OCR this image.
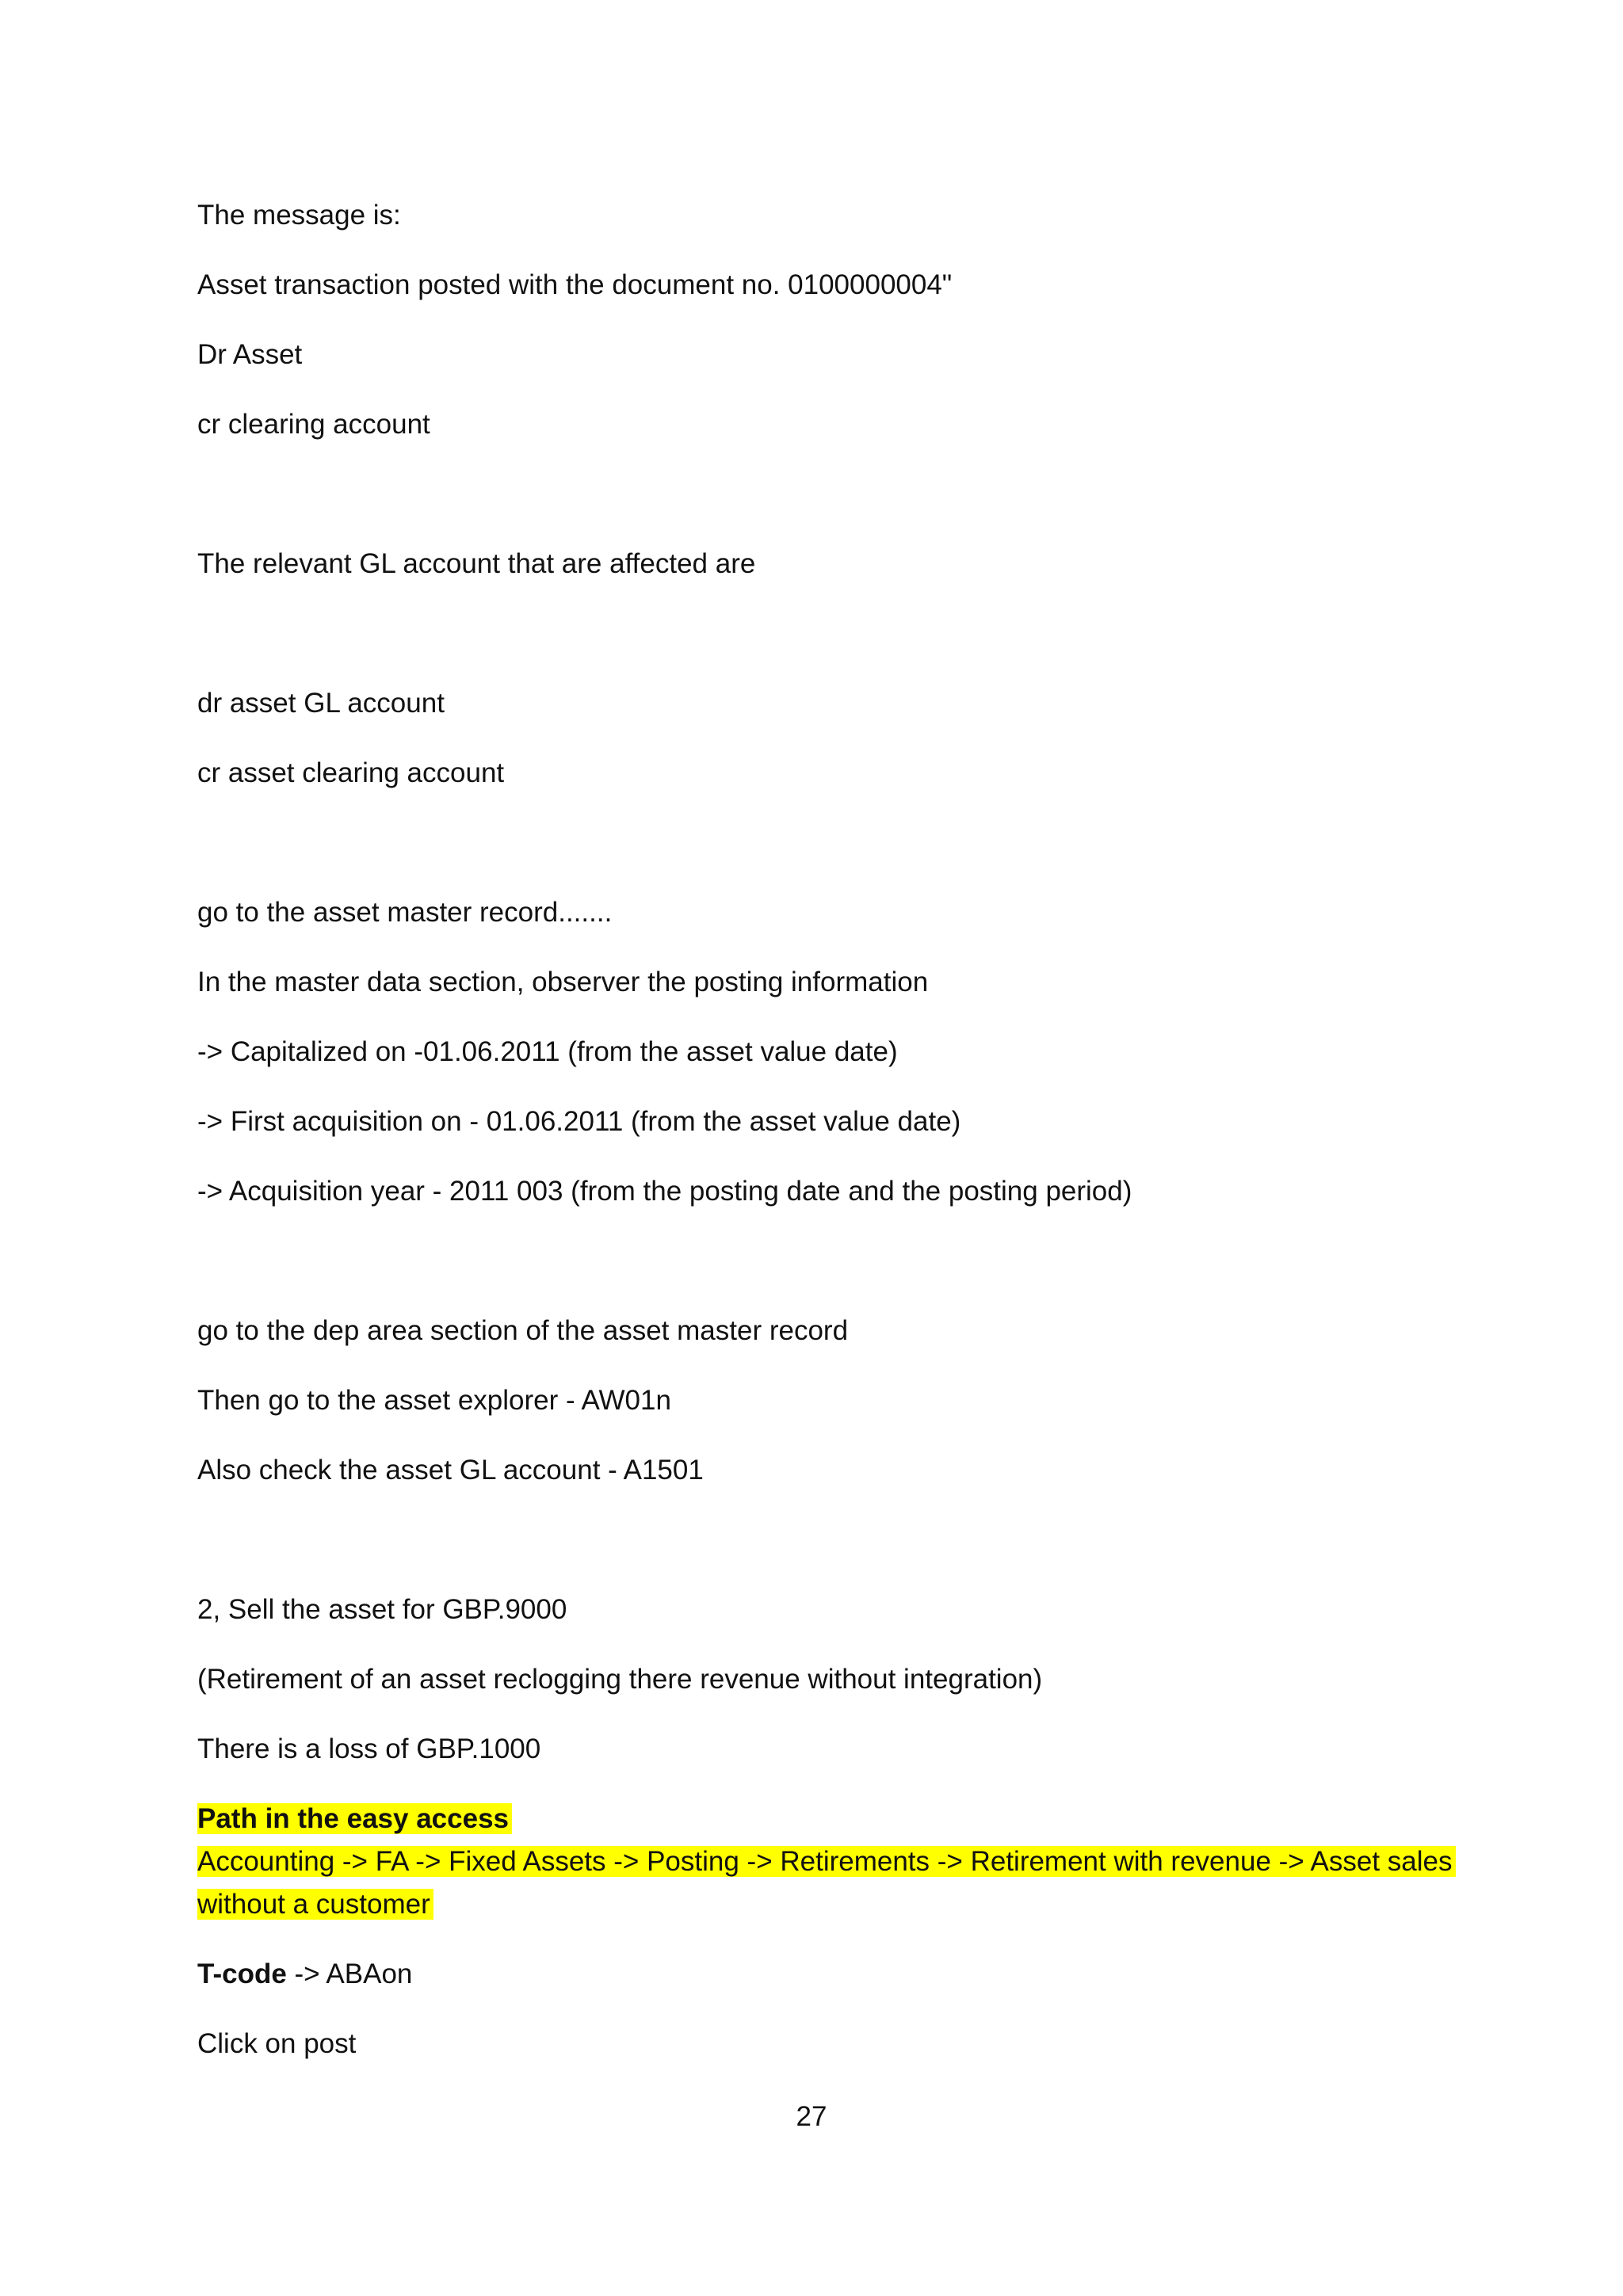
The message is:

Asset transaction posted with the document no. 0100000004"

Dr Asset

cr clearing account

The relevant GL account that are affected are

dr asset GL account

cr asset clearing account

go to the asset master record.......

In the master data section, observer the posting information

-> Capitalized on -01.06.2011 (from the asset value date)

-> First acquisition on - 01.06.2011 (from the asset value date)

-> Acquisition year - 2011 003 (from the posting date and the posting period)

go to the dep area section of the asset master record

Then go to the asset explorer - AW01n

Also check the asset GL account - A1501

2, Sell the asset for GBP.9000

(Retirement of an asset reclogging there revenue without integration)

There is a loss of GBP.1000

Path in the easy access

Accounting -> FA -> Fixed Assets -> Posting -> Retirements -> Retirement with revenue -> Asset sales

without a customer

T-code -> ABAon

Click on post

27
